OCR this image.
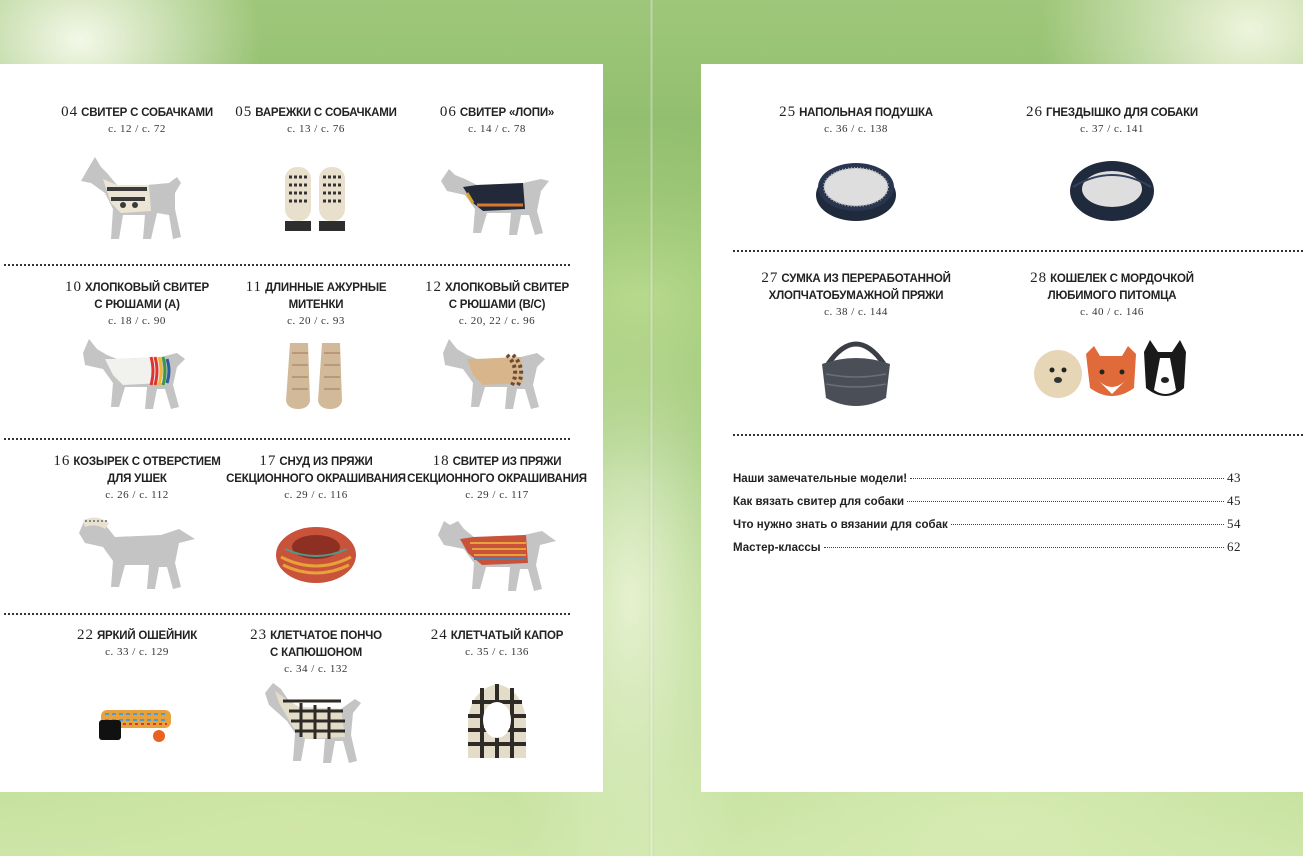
04 СВИТЕР С СОБАЧКАМИ
с. 12 / с. 72
05 ВАРЕЖКИ С СОБАЧКАМИ
с. 13 / с. 76
06 СВИТЕР «ЛОПИ»
с. 14 / с. 78
10 ХЛОПКОВЫЙ СВИТЕР
С РЮШАМИ (A)
с. 18 / с. 90
11 ДЛИННЫЕ АЖУРНЫЕ
МИТЕНКИ
с. 20 / с. 93
12 ХЛОПКОВЫЙ СВИТЕР
С РЮШАМИ (B/C)
с. 20, 22 / с. 96
16 КОЗЫРЕК С ОТВЕРСТИЕМ
ДЛЯ УШЕК
с. 26 / с. 112
17 СНУД ИЗ ПРЯЖИ
СЕКЦИОННОГО ОКРАШИВАНИЯ
с. 29 / с. 116
18 СВИТЕР ИЗ ПРЯЖИ
СЕКЦИОННОГО ОКРАШИВАНИЯ
с. 29 / с. 117
22 ЯРКИЙ ОШЕЙНИК
с. 33 / с. 129
23 КЛЕТЧАТОЕ ПОНЧО
С КАПЮШОНОМ
с. 34 / с. 132
24 КЛЕТЧАТЫЙ КАПОР
с. 35 / с. 136
25 НАПОЛЬНАЯ ПОДУШКА
с. 36 / с. 138
26 ГНЕЗДЫШКО ДЛЯ СОБАКИ
с. 37 / с. 141
27 СУМКА ИЗ ПЕРЕРАБОТАННОЙ
ХЛОПЧАТОБУМАЖНОЙ ПРЯЖИ
с. 38 / с. 144
28 КОШЕЛЕК С МОРДОЧКОЙ
ЛЮБИМОГО ПИТОМЦА
с. 40 / с. 146
Наши замечательные модели!	43
Как вязать свитер для собаки	45
Что нужно знать о вязании для собак	54
Мастер-классы	62
